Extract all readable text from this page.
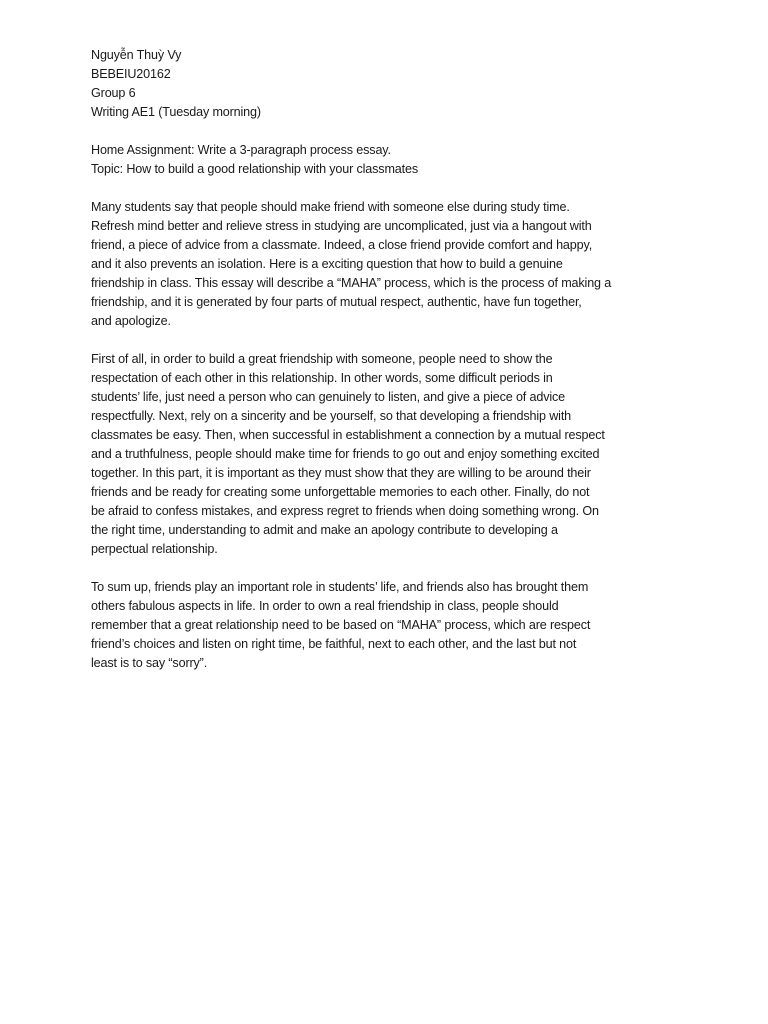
Nguyễn Thuỳ Vy
BEBEIU20162
Group 6
Writing AE1 (Tuesday morning)
Home Assignment: Write a 3-paragraph process essay.
Topic: How to build a good relationship with your classmates
Many students say that people should make friend with someone else during study time.
Refresh mind better and relieve stress in studying are uncomplicated, just via a hangout with
friend, a piece of advice from a classmate. Indeed, a close friend provide comfort and happy,
and it also prevents an isolation. Here is a exciting question that how to build a genuine
friendship in class. This essay will describe a “MAHA” process, which is the process of making a
friendship, and it is generated by four parts of mutual respect, authentic, have fun together,
and apologize.
First of all, in order to build a great friendship with someone, people need to show the
respectation of each other in this relationship. In other words, some difficult periods in
students’ life, just need a person who can genuinely to listen, and give a piece of advice
respectfully. Next, rely on a sincerity and be yourself, so that developing a friendship with
classmates be easy. Then, when successful in establishment a connection by a mutual respect
and a truthfulness, people should make time for friends to go out and enjoy something excited
together. In this part, it is important as they must show that they are willing to be around their
friends and be ready for creating some unforgettable memories to each other. Finally, do not
be afraid to confess mistakes, and express regret to friends when doing something wrong. On
the right time, understanding to admit and make an apology contribute to developing a
perpectual relationship.
To sum up, friends play an important role in students’ life, and friends also has brought them
others fabulous aspects in life. In order to own a real friendship in class, people should
remember that a great relationship need to be based on “MAHA” process, which are respect
friend’s choices and listen on right time, be faithful, next to each other, and the last but not
least is to say “sorry”.
